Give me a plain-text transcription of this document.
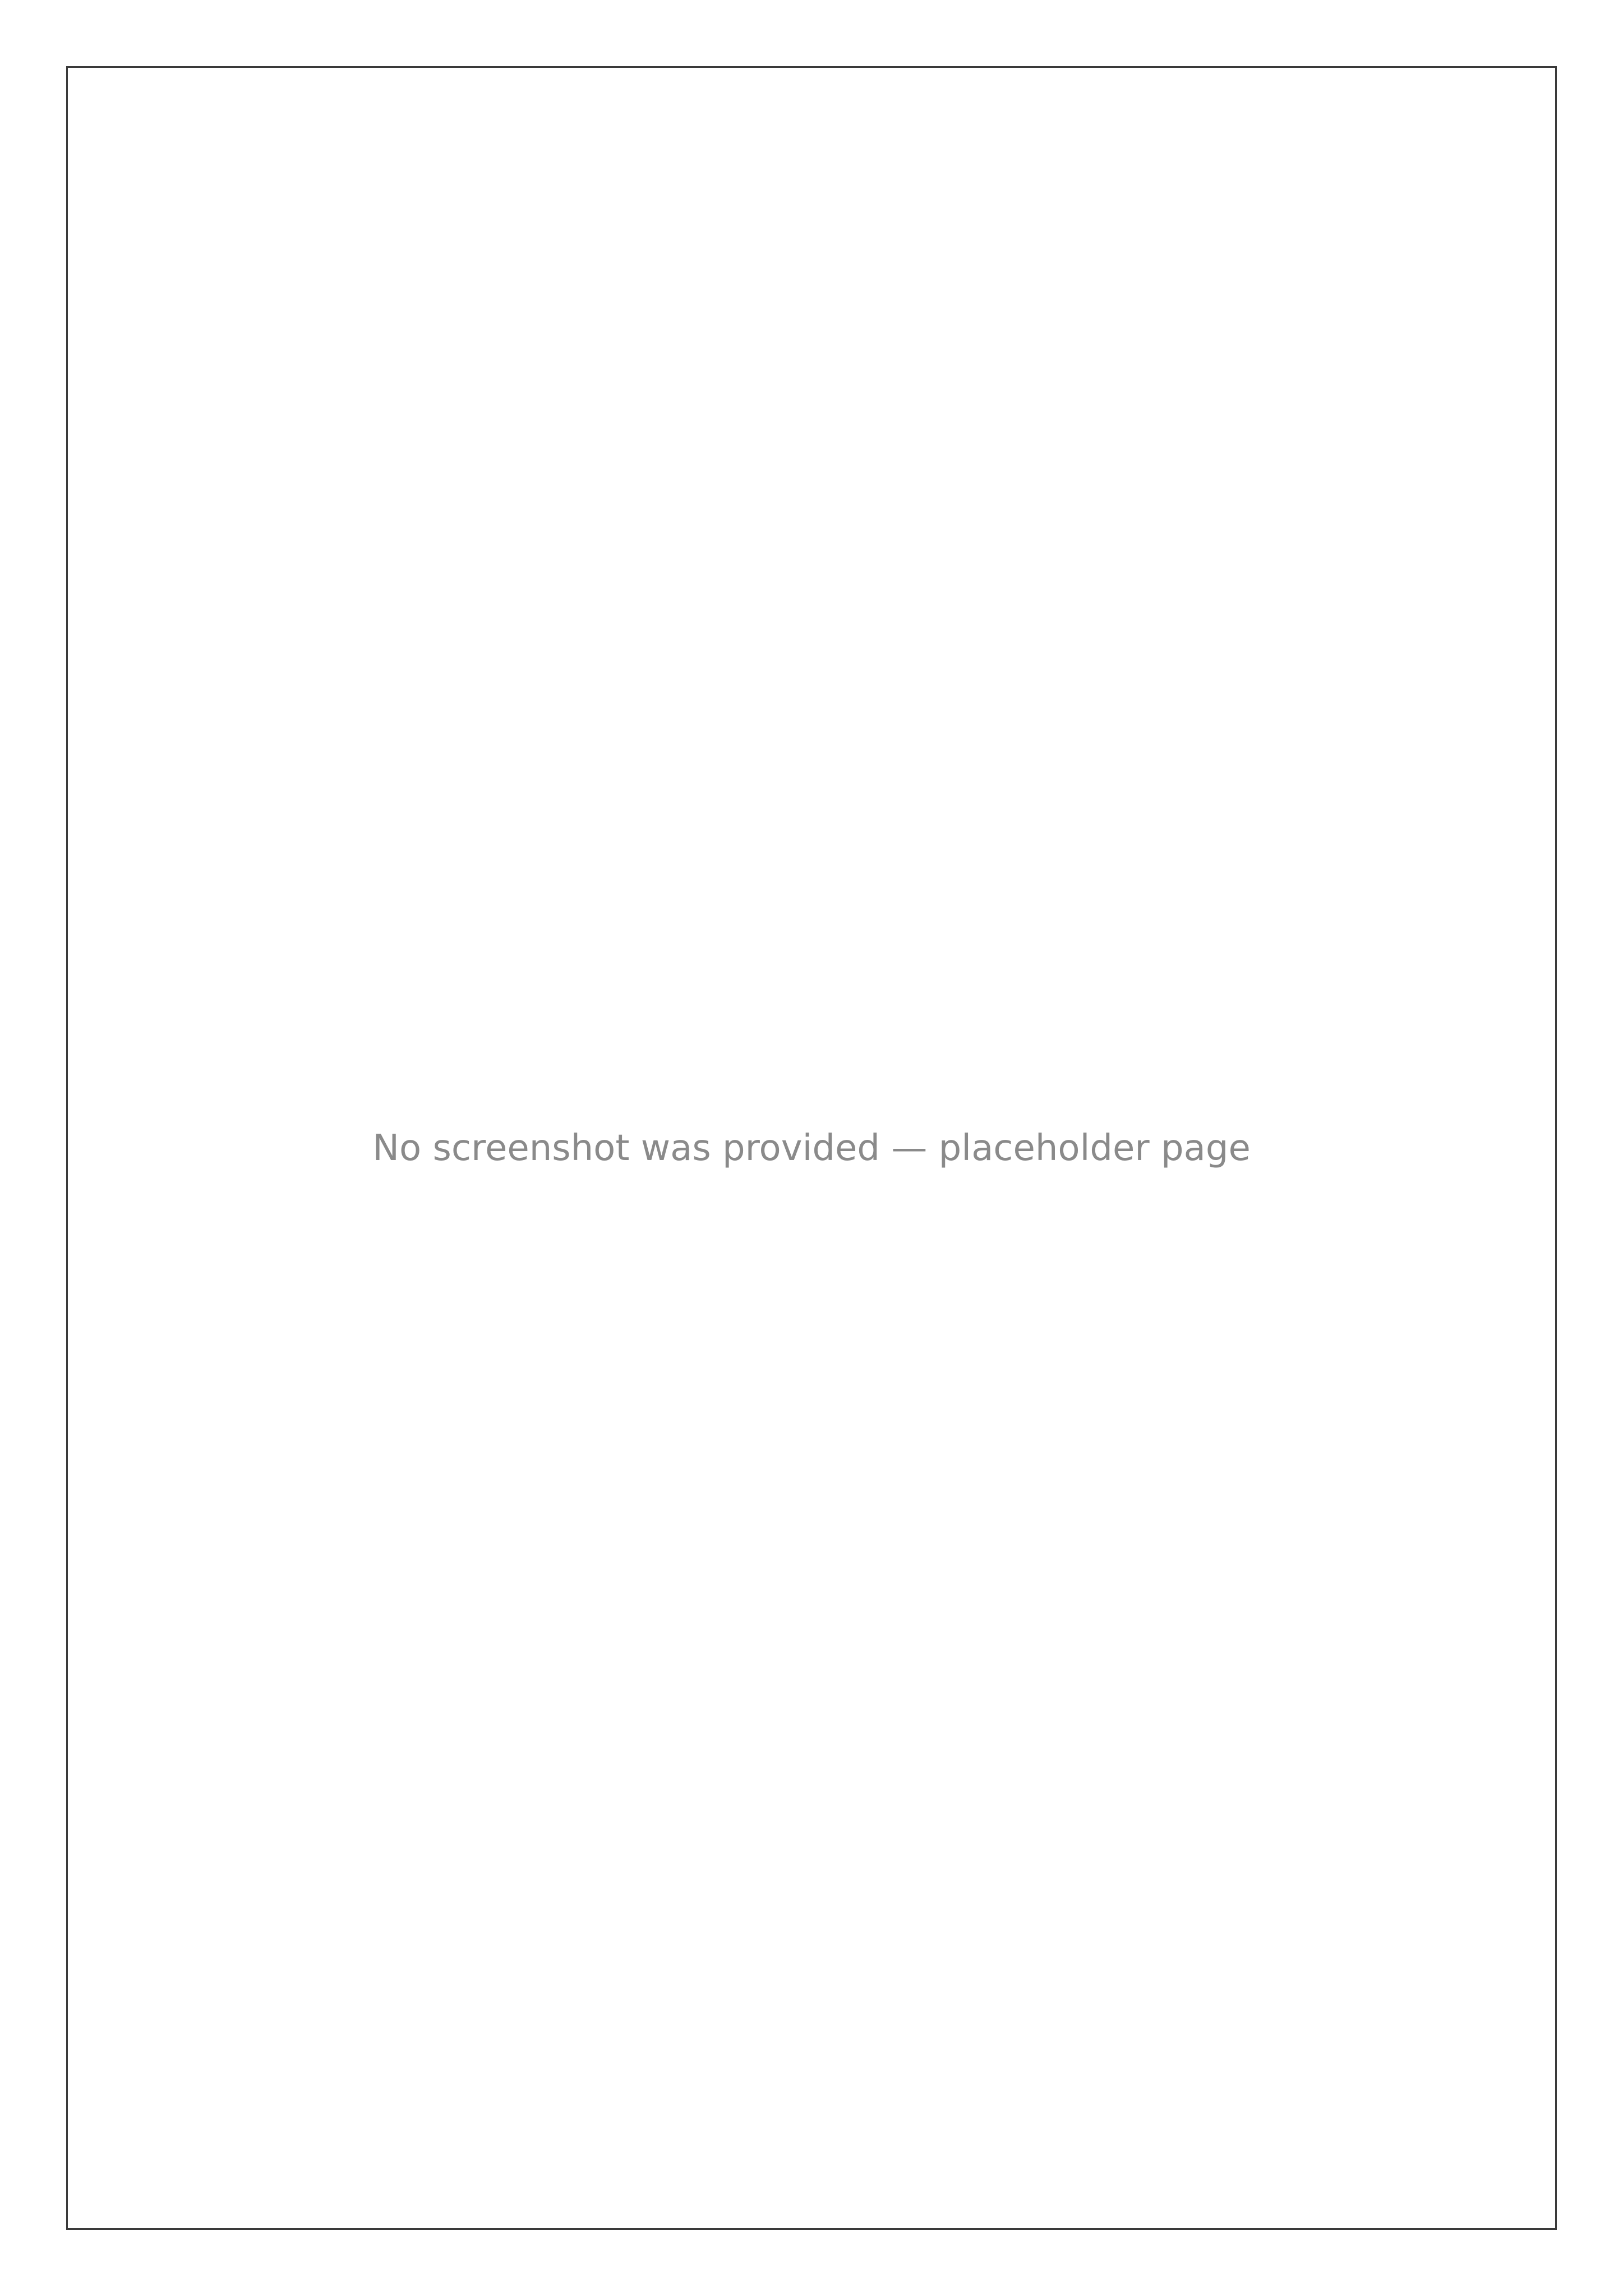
No screenshot was provided — placeholder page
